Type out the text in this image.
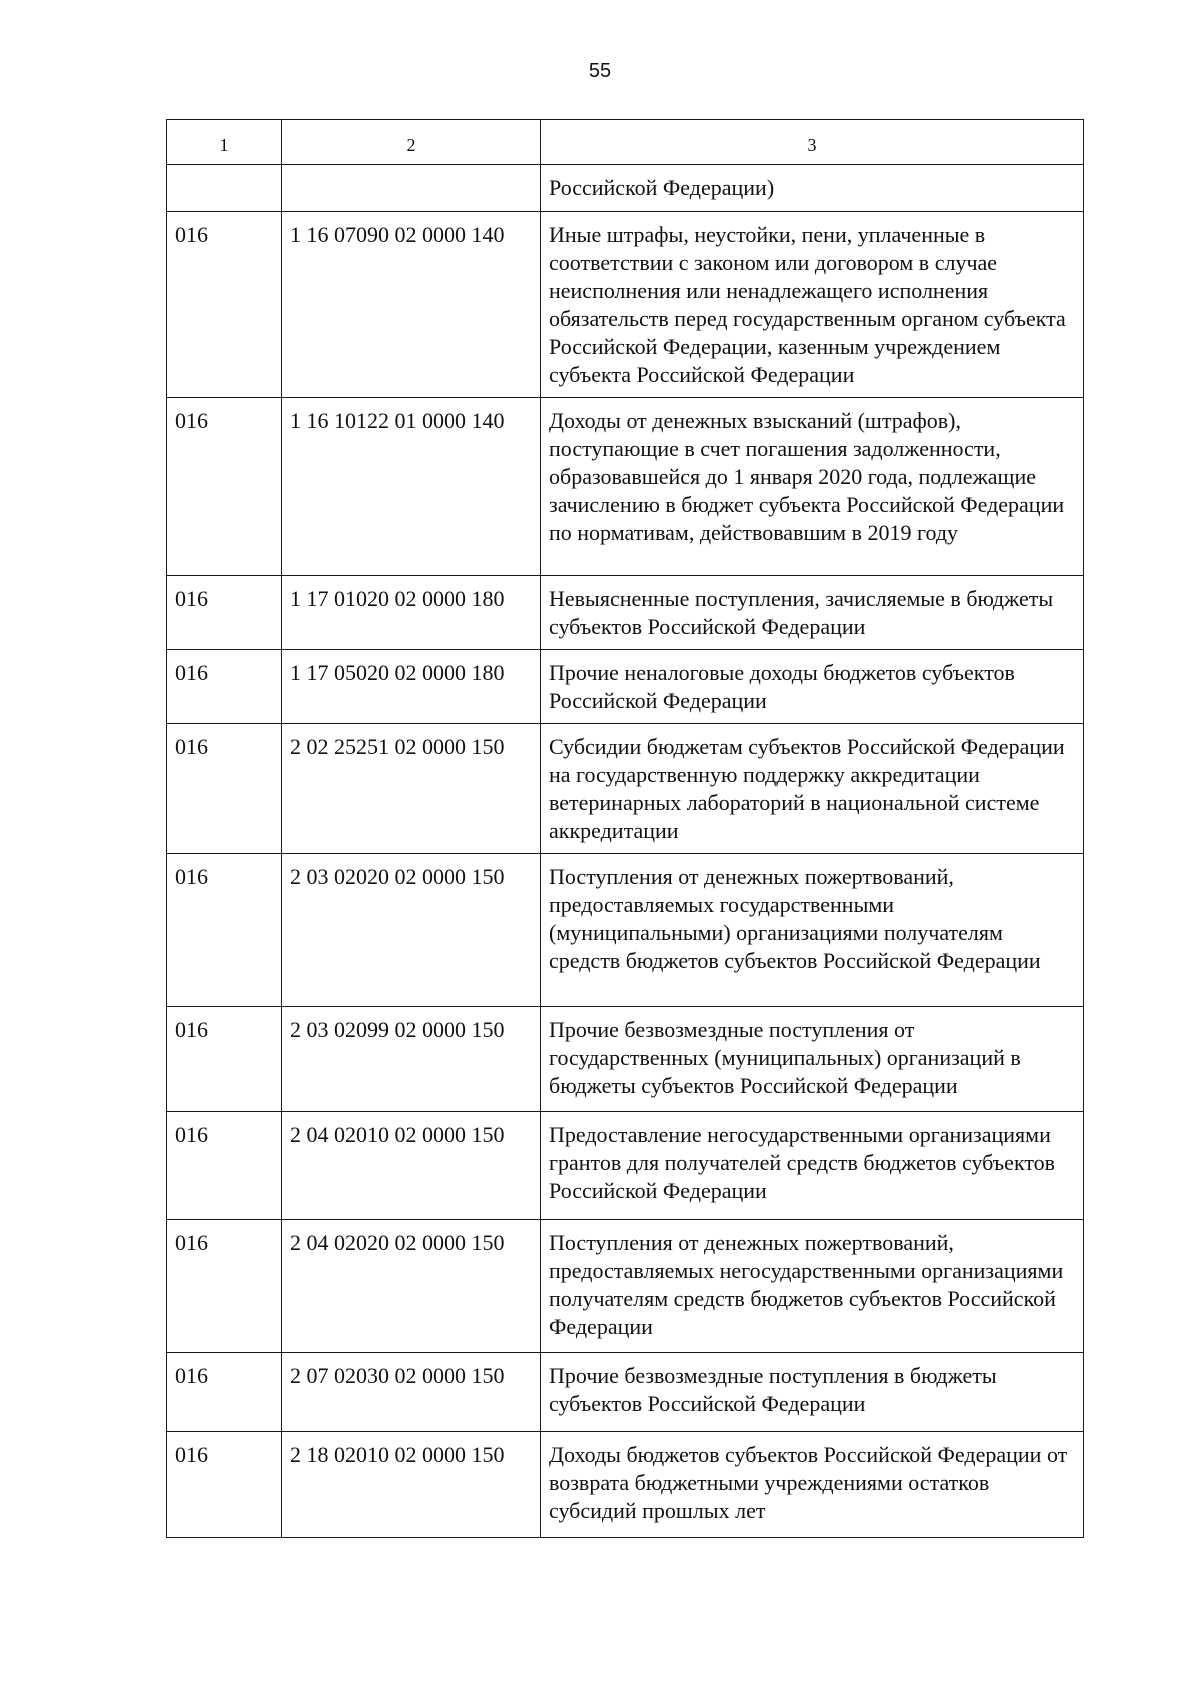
55
1	2	3
		Российской Федерации)
016	1 16 07090 02 0000 140	Иные штрафы, неустойки, пени, уплаченные в соответствии с законом или договором в случае неисполнения или ненадлежащего исполнения обязательств перед государственным органом субъекта Российской Федерации, казенным учреждением субъекта Российской Федерации
016	1 16 10122 01 0000 140	Доходы от денежных взысканий (штрафов), поступающие в счет погашения задолженности, образовавшейся до 1 января 2020 года, подлежащие зачислению в бюджет субъекта Российской Федерации по нормативам, действовавшим в 2019 году
016	1 17 01020 02 0000 180	Невыясненные поступления, зачисляемые в бюджеты субъектов Российской Федерации
016	1 17 05020 02 0000 180	Прочие неналоговые доходы бюджетов субъектов Российской Федерации
016	2 02 25251 02 0000 150	Субсидии бюджетам субъектов Российской Федерации на государственную поддержку аккредитации ветеринарных лабораторий в национальной системе аккредитации
016	2 03 02020 02 0000 150	Поступления от денежных пожертвований, предоставляемых государственными (муниципальными) организациями получателям средств бюджетов субъектов Российской Федерации
016	2 03 02099 02 0000 150	Прочие безвозмездные поступления от государственных (муниципальных) организаций в бюджеты субъектов Российской Федерации
016	2 04 02010 02 0000 150	Предоставление негосударственными организациями грантов для получателей средств бюджетов субъектов Российской Федерации
016	2 04 02020 02 0000 150	Поступления от денежных пожертвований, предоставляемых негосударственными организациями получателям средств бюджетов субъектов Российской Федерации
016	2 07 02030 02 0000 150	Прочие безвозмездные поступления в бюджеты субъектов Российской Федерации
016	2 18 02010 02 0000 150	Доходы бюджетов субъектов Российской Федерации от возврата бюджетными учреждениями остатков субсидий прошлых лет
